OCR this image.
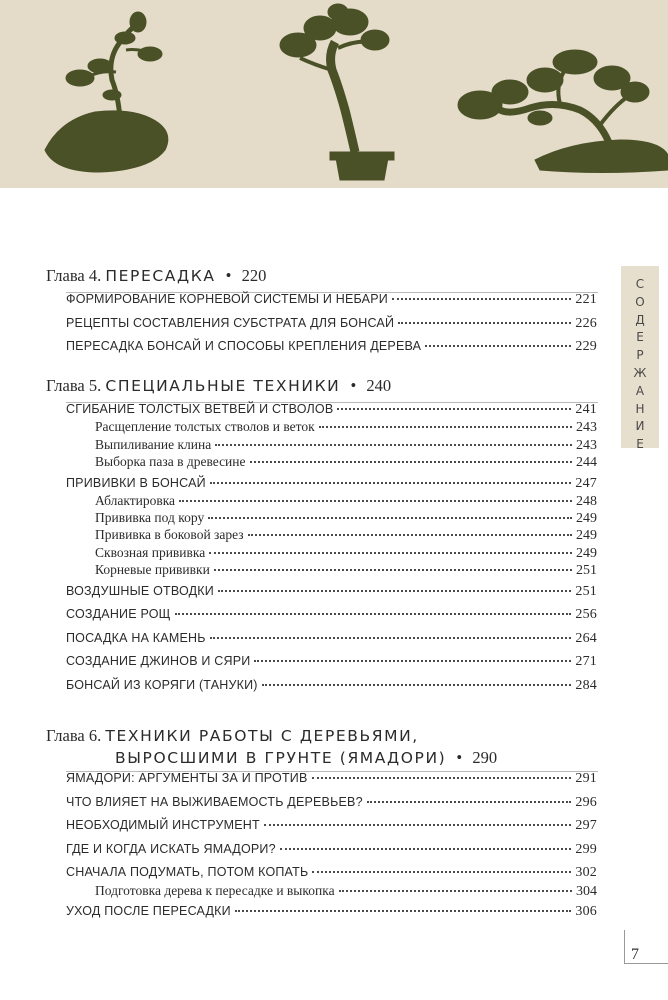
СОДЕРЖАНИЕ
Глава 4. ПЕРЕСАДКА • 220
ФОРМИРОВАНИЕ КОРНЕВОЙ СИСТЕМЫ И НЕБАРИ	221
РЕЦЕПТЫ СОСТАВЛЕНИЯ СУБСТРАТА ДЛЯ БОНСАЙ	226
ПЕРЕСАДКА БОНСАЙ И СПОСОБЫ КРЕПЛЕНИЯ ДЕРЕВА	229
Глава 5. СПЕЦИАЛЬНЫЕ ТЕХНИКИ • 240
СГИБАНИЕ ТОЛСТЫХ ВЕТВЕЙ И СТВОЛОВ	241
Расщепление толстых стволов и веток	243
Выпиливание клина	243
Выборка паза в древесине	244
ПРИВИВКИ В БОНСАЙ	247
Аблактировка	248
Прививка под кору	249
Прививка в боковой зарез	249
Сквозная прививка	249
Корневые прививки	251
ВОЗДУШНЫЕ ОТВОДКИ	251
СОЗДАНИЕ РОЩ	256
ПОСАДКА НА КАМЕНЬ	264
СОЗДАНИЕ ДЖИНОВ И СЯРИ	271
БОНСАЙ ИЗ КОРЯГИ (ТАНУКИ)	284
Глава 6. ТЕХНИКИ РАБОТЫ С ДЕРЕВЬЯМИ,
ВЫРОСШИМИ В ГРУНТЕ (ЯМАДОРИ) • 290
ЯМАДОРИ: АРГУМЕНТЫ ЗА И ПРОТИВ	291
ЧТО ВЛИЯЕТ НА ВЫЖИВАЕМОСТЬ ДЕРЕВЬЕВ?	296
НЕОБХОДИМЫЙ ИНСТРУМЕНТ	297
ГДЕ И КОГДА ИСКАТЬ ЯМАДОРИ?	299
СНАЧАЛА ПОДУМАТЬ, ПОТОМ КОПАТЬ	302
Подготовка дерева к пересадке и выкопка	304
УХОД ПОСЛЕ ПЕРЕСАДКИ	306
7
